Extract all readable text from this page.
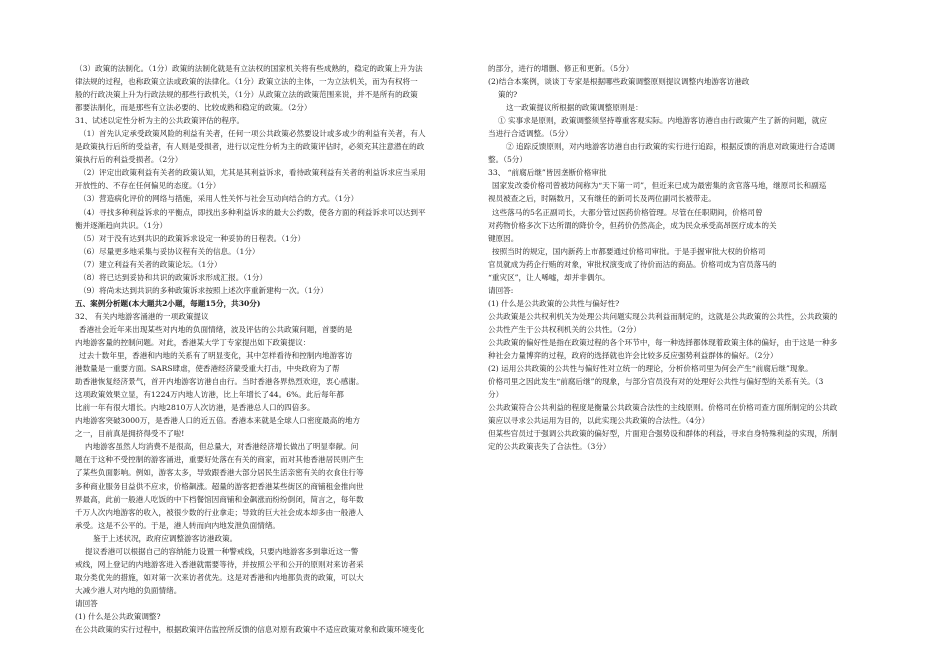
（3）政策的法制化。（1分）政策的法制化就是有立法权的国家机关将有些成熟的，稳定的政策上升为法

律法规的过程，也称政策立法或政策的法律化。（1分）政策立法的主体，一为立法机关，而为有权将一

般的行政决策上升为行政法规的那些行政机关，（1分）从政策立法的政策范围来说，并不是所有的政策

都要法制化，而是那些有立法必要的、比较成熟和稳定的政策。（2分）

31、试述以定性分析为主的公共政策评估的程序。

（1）首先认定承受政策风险的利益有关者，任何一项公共政策必然要设计或多或少的利益有关者，有人

是政策执行后所的受益者，有人则是受损者，进行以定性分析为主的政策评估时，必须充其注意潜在的政

策执行后的利益受损者。（2分）

（2）评定出政策利益有关者的政策认知，尤其是其利益诉求，看待政策利益有关者的利益诉求应当采用

开放性的、不存在任何偏见的态度。（1分）

（3）营造病化评价的网络与措施，采用人性关怀与社会互动向结合的方式。（1分）

（4）寻找多种利益诉求的平衡点，即找出多种利益诉求的最大公约数，使各方面的利益诉求可以达到平

衡并逐渐趋向共识。（1分）

（5）对于没有达到共识的政策诉求设定一种妥协的日程表。（1分）

（6）尽量更多地采集与妥协议程有关的信息。（1分）

（7）建立利益有关者的政策论坛。（1分）

（8）将已达到妥协和共识的政策诉求形成汇报。（1分）

（9）将尚未达到共识的多种政策诉求按照上述次序重新建构一次。（1分）

五、案例分析题(本大题共2小题，每题15分，共30分)

32、 有关内地游客涌港的一项政策提议

香港社会近年来出现某些对内地的负面情绪，波及评估的公共政策问题，首要的是

内地游客量的控制问题。对此，香港某大学丁专家提出如下政策提议：

过去十数年里，香港和内地的关系有了明显变化，其中怎样看待和控制内地游客访

港数量是一重要方面。SARS肆虐，使香港经济蒙受重大打击，中央政府为了帮

助香港恢复经济景气，首开内地游客访港自由行。当时香港各界热烈欢迎，衷心感谢。

这项政策效果立显，有1224万内地人访港，比上年增长了44。6%。此后每年都

比前一年有很大增长。内地2810万人次访港，是香港总人口的四倍多。

内地游客突破3000万，是香港人口的近五倍。香港本来就是全球人口密度最高的地方

之一，目前真是拥挤得受不了啦!

内地游客虽然人均消费不是很高，但总量大，对香港经济增长做出了明显奉献。问

题在于这种不受控制的游客涌进，重要好处落在有关的商家，而对其他香港居民则产生

了某些负面影响。例如，游客太多，导致跟香港大部分居民生活亲密有关的衣食住行等

多种商业服务目益供不应求，价格飙涨。超量的游客把香港某些街区的商铺租金推向世

界最高，此前一般港人吃饭的中下档餐馆因商铺和金飙涨而纷纷倒闭，简言之，每年数

千万人次内地游客的收入，被很少数的行业拿走；导致的巨大社会成本却多由一般港人

承受。这是不公平的。于是，港人转而向内地发泄负面情绪。

鉴于上述状况，政府应调整游客访港政策。

提议香港可以根据自己的容纳能力设置一种警戒线，只要内地游客多到靠近这一警

戒线，网上登记的内地游客进入香港就需要等待，并按照公平和公开的原则对来访者采

取分类优先的措施，如对第一次来访者优先。这是对香港和内地都负责的政策，可以大

大减少港人对内地的负面情绪。

请回答

(1) 什么是公共政策调整?

在公共政策的实行过程中，根据政策评估监控所反馈的信息对原有政策中不适应政策对象和政策环境变化

的部分，进行的增删、修正和更新。（5分）

(2)结合本案例，谈谈丁专家是根据哪些政策调整原则提议调整内地游客访港政

策的?

这一政策提议所根据的政策调整原则是：

① 实事求是原则，政策调整须坚持尊重客观实际。内地游客访港自由行政策产生了新的问题，就应

当进行合适调整。（5分）

② 追踪反馈原则，对内地游客访港自由行政策的实行进行追踪，根据反馈的消息对政策进行合适调

整。（5分）

33、 “前腐后继”皆因垄断价格审批

国家发改委价格司曾被坊间称为“天下第一司”，但近来已成为最密集的贪官落马地，继原司长和副巡

视员被查之后，时隔数月，又有继任的新司长及两位副司长被带走。

这些落马的5名正副司长，大都分管过医药价格管理。尽管在任职期间，价格司曾

对药物价格多次下达所谓的降价令，但药价仍然高企，成为民众承受高昂医疗成本的关

键原因。

按照当时的规定，国内新药上市都要通过价格司审批。于是手握审批大权的价格司

官员就成为药企行贿的对象，审批权演变成了待价而沽的商品。价格司成为官员落马的

“重灾区”，让人唏嘘，却并非偶尔。

请回答:

(1) 什么是公共政策的公共性与偏好性?

公共政策是公共权利机关为处理公共问题实现公共利益而制定的，这就是公共政策的公共性，公共政策的

公共性产生于公共权利机关的公共性。（2分）

公共政策的偏好性是指在政策过程的各个环节中，每一种选择都体现着政策主体的偏好，由于这是一种多

种社会力量博弈的过程，政府的选择就也许会比较多反应强势利益群体的偏好。（2分）

(2) 运用公共政策的公共性与偏好性对立统一的理论，分析价格司里为何会产生“前腐后继”现象。

价格司里之因此发生“前腐后继”的现象，与部分官员没有对的处理好公共性与偏好型的关系有关。（3

分）

公共政策符合公共利益的程度是衡量公共政策合法性的主线原则。价格司在价格司查方面所制定的公共政

策应以寻求公共运用为目的，以此实现公共政策的合法性。（4分）

但某些官员过于强调公共政策的偏好型，片面迎合强势设和群体的利益，寻求自身特殊利益的实现，所制

定的公共政策丧失了合法性。（3分）
